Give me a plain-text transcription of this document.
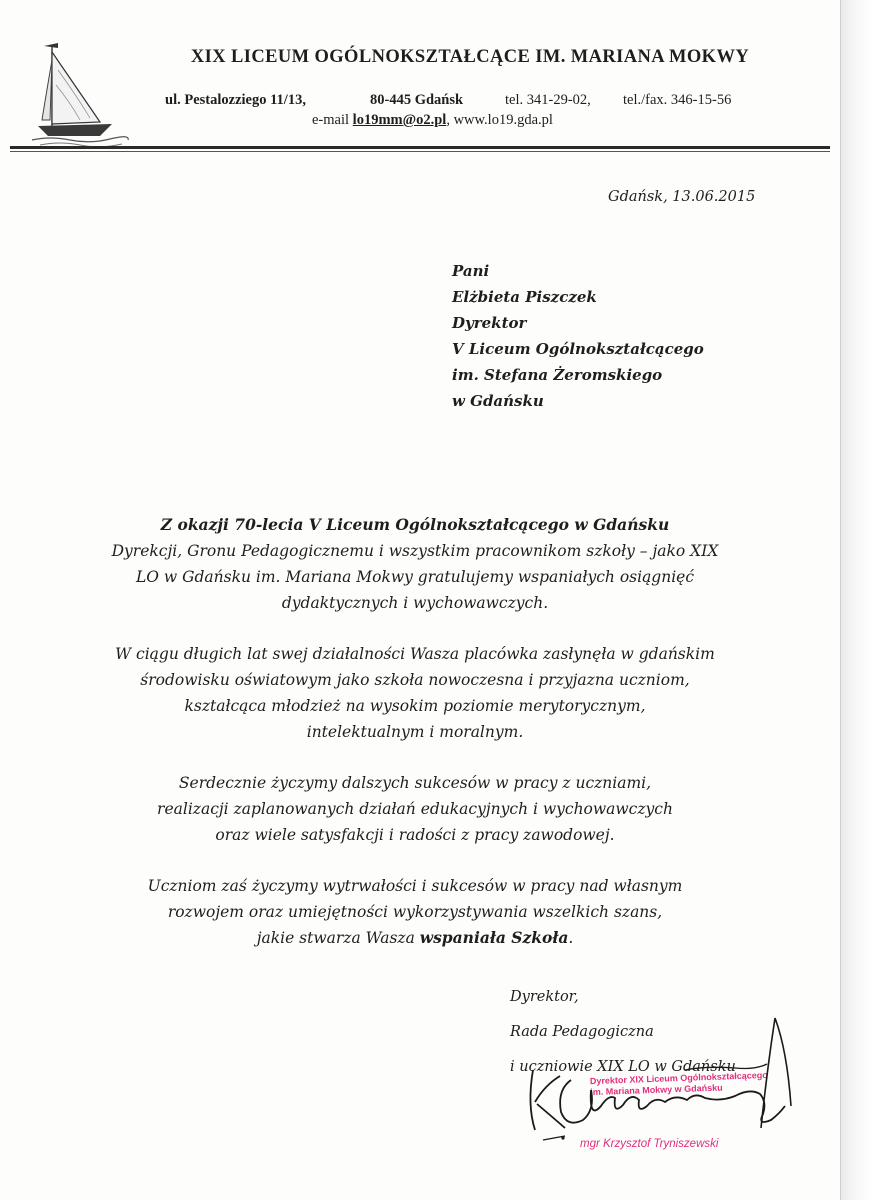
XIX LICEUM OGÓLNOKSZTAŁCĄCE IM. MARIANA MOKWY
ul. Pestalozziego 11/13,	80-445 Gdańsk	tel. 341-29-02, tel./fax. 346-15-56
e-mail lo19mm@o2.pl, www.lo19.gda.pl
Gdańsk, 13.06.2015
Pani
Elżbieta Piszczek
Dyrektor
V Liceum Ogólnokształcącego
im. Stefana Żeromskiego
w Gdańsku

Z okazji 70-lecia V Liceum Ogólnokształcącego w Gdańsku
Dyrekcji, Gronu Pedagogicznemu i wszystkim pracownikom szkoły – jako XIX
LO w Gdańsku im. Mariana Mokwy gratulujemy wspaniałych osiągnięć
dydaktycznych i wychowawczych.

W ciągu długich lat swej działalności Wasza placówka zasłynęła w gdańskim
środowisku oświatowym jako szkoła nowoczesna i przyjazna uczniom,
kształcąca młodzież na wysokim poziomie merytorycznym,
intelektualnym i moralnym.

Serdecznie życzymy dalszych sukcesów w pracy z uczniami,
realizacji zaplanowanych działań edukacyjnych i wychowawczych
oraz wiele satysfakcji i radości z pracy zawodowej.

Uczniom zaś życzymy wytrwałości i sukcesów w pracy nad własnym
rozwojem oraz umiejętności wykorzystywania wszelkich szans,
jakie stwarza Wasza wspaniała Szkoła.

Dyrektor,
Rada Pedagogiczna
i uczniowie XIX LO w Gdańsku
Dyrektor XIX Liceum Ogólnokształcącego
im. Mariana Mokwy w Gdańsku
mgr Krzysztof Tryniszewski
